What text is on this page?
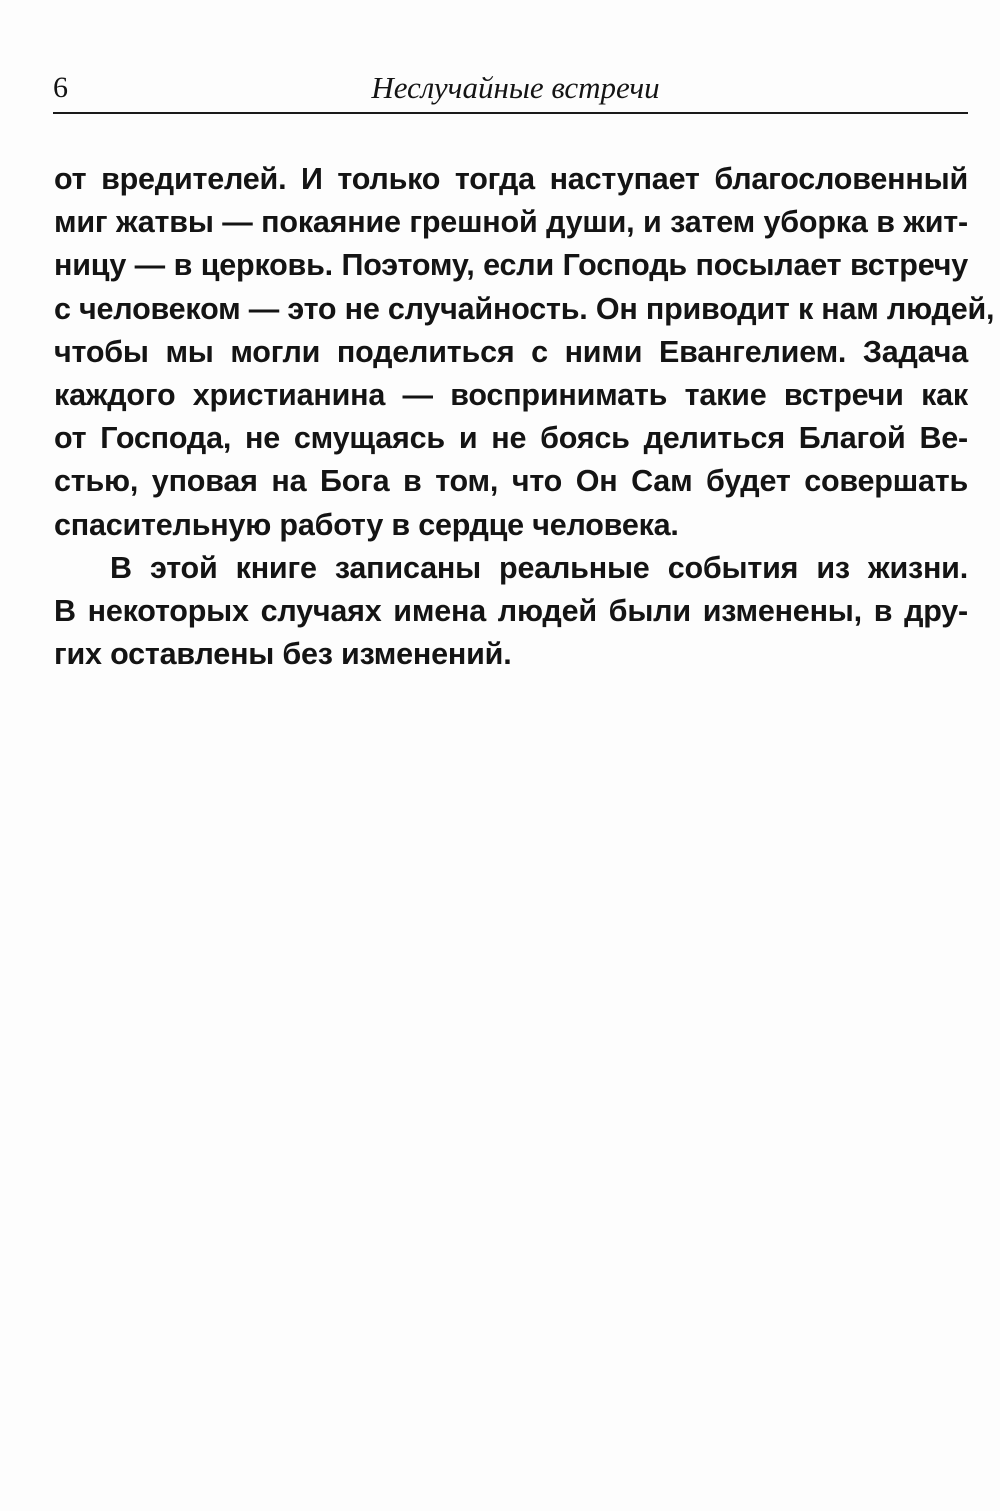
6	Неслучайные встречи
от вредителей. И только тогда наступает благословенный
миг жатвы — покаяние грешной души, и затем уборка в жит-
ницу — в церковь. Поэтому, если Господь посылает встречу
с человеком — это не случайность. Он приводит к нам людей,
чтобы мы могли поделиться с ними Евангелием. Задача
каждого христианина — воспринимать такие встречи как
от Господа, не смущаясь и не боясь делиться Благой Ве-
стью, уповая на Бога в том, что Он Сам будет совершать
спасительную работу в сердце человека.
В этой книге записаны реальные события из жизни.
В некоторых случаях имена людей были изменены, в дру-
гих оставлены без изменений.
